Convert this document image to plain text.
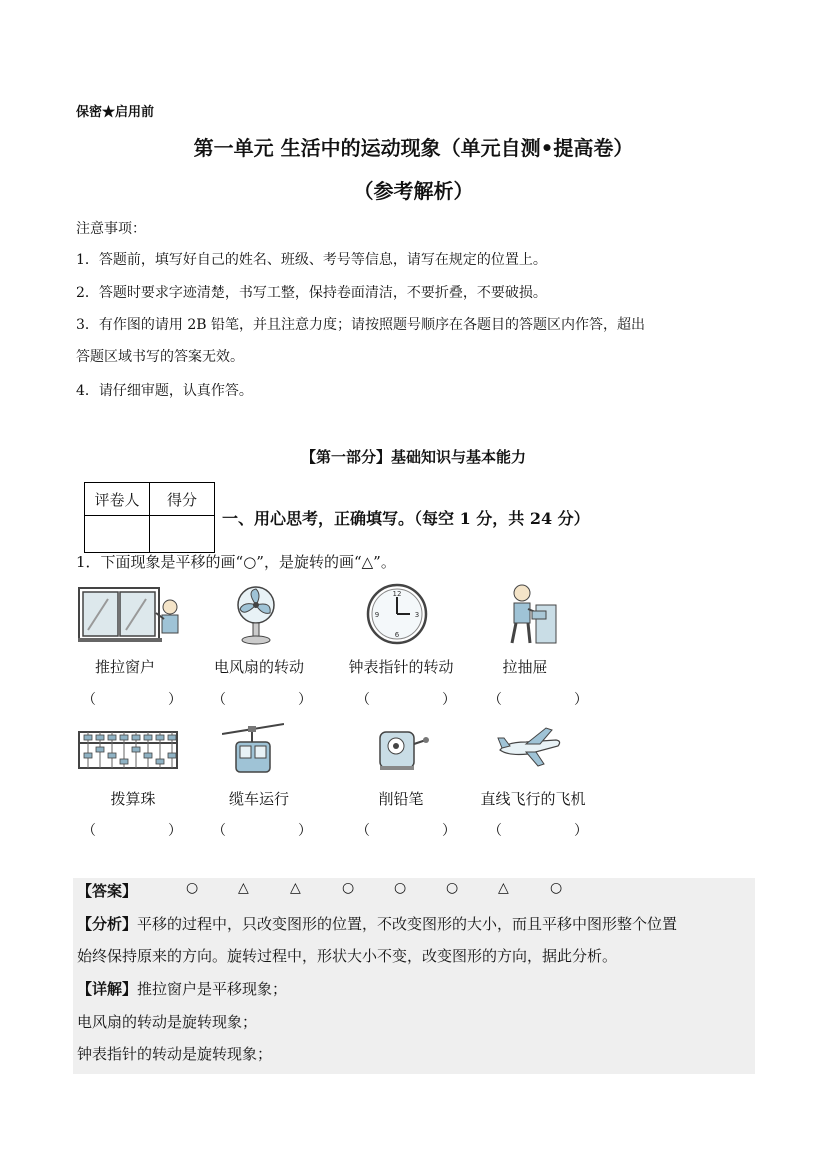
保密★启用前
第一单元 生活中的运动现象（单元自测•提高卷）
（参考解析）
注意事项：
1．答题前，填写好自己的姓名、班级、考号等信息，请写在规定的位置上。
2．答题时要求字迹清楚，书写工整，保持卷面清洁，不要折叠，不要破损。
3．有作图的请用 2B 铅笔，并且注意力度；请按照题号顺序在各题目的答题区内作答，超出
答题区域书写的答案无效。
4．请仔细审题，认真作答。
【第一部分】基础知识与基本能力
评卷人	得分

一、用心思考，正确填写。（每空 1 分，共 24 分）
1．下面现象是平移的画“○”，是旋转的画“△”。
12
3
6
9
推拉窗户	电风扇的转动	钟表指针的转动	拉抽屉
（	） （	）	（	） （	）
拨算珠	缆车运行	削铅笔	直线飞行的飞机
（	） （	）	（	） （	）
【答案】	○	△	△	○	○	○	△	○
【分析】平移的过程中，只改变图形的位置，不改变图形的大小，而且平移中图形整个位置
始终保持原来的方向。旋转过程中，形状大小不变，改变图形的方向，据此分析。
【详解】推拉窗户是平移现象；
电风扇的转动是旋转现象；
钟表指针的转动是旋转现象；
